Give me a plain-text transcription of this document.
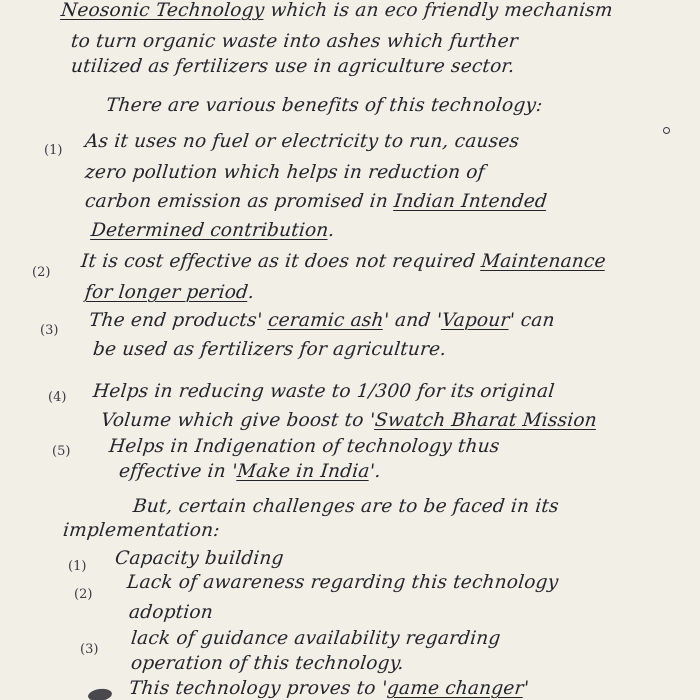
Neosonic Technology which is an eco friendly mechanism
to turn organic waste into ashes which further
utilized as fertilizers use in agriculture sector.
There are various benefits of this technology:
(1) As it uses no fuel or electricity to run, causes
zero pollution which helps in reduction of
carbon emission as promised in Indian Intended
Determined contribution.
(2)
It is cost effective as it does not required Maintenance
for longer period.
(3) The end products' ceramic ash' and 'Vapour' can
be used as fertilizers for agriculture.
(4) Helps in reducing waste to 1/300 for its original
Volume which give boost to 'Swatch Bharat Mission
(5) Helps in Indigenation of technology thus
effective in 'Make in India'.
But, certain challenges are to be faced in its
implementation:
(1) Capacity building
(2)
Lack of awareness regarding this technology
adoption
(3)
lack of guidance availability regarding
operation of this technology.
This technology proves to 'game changer'
